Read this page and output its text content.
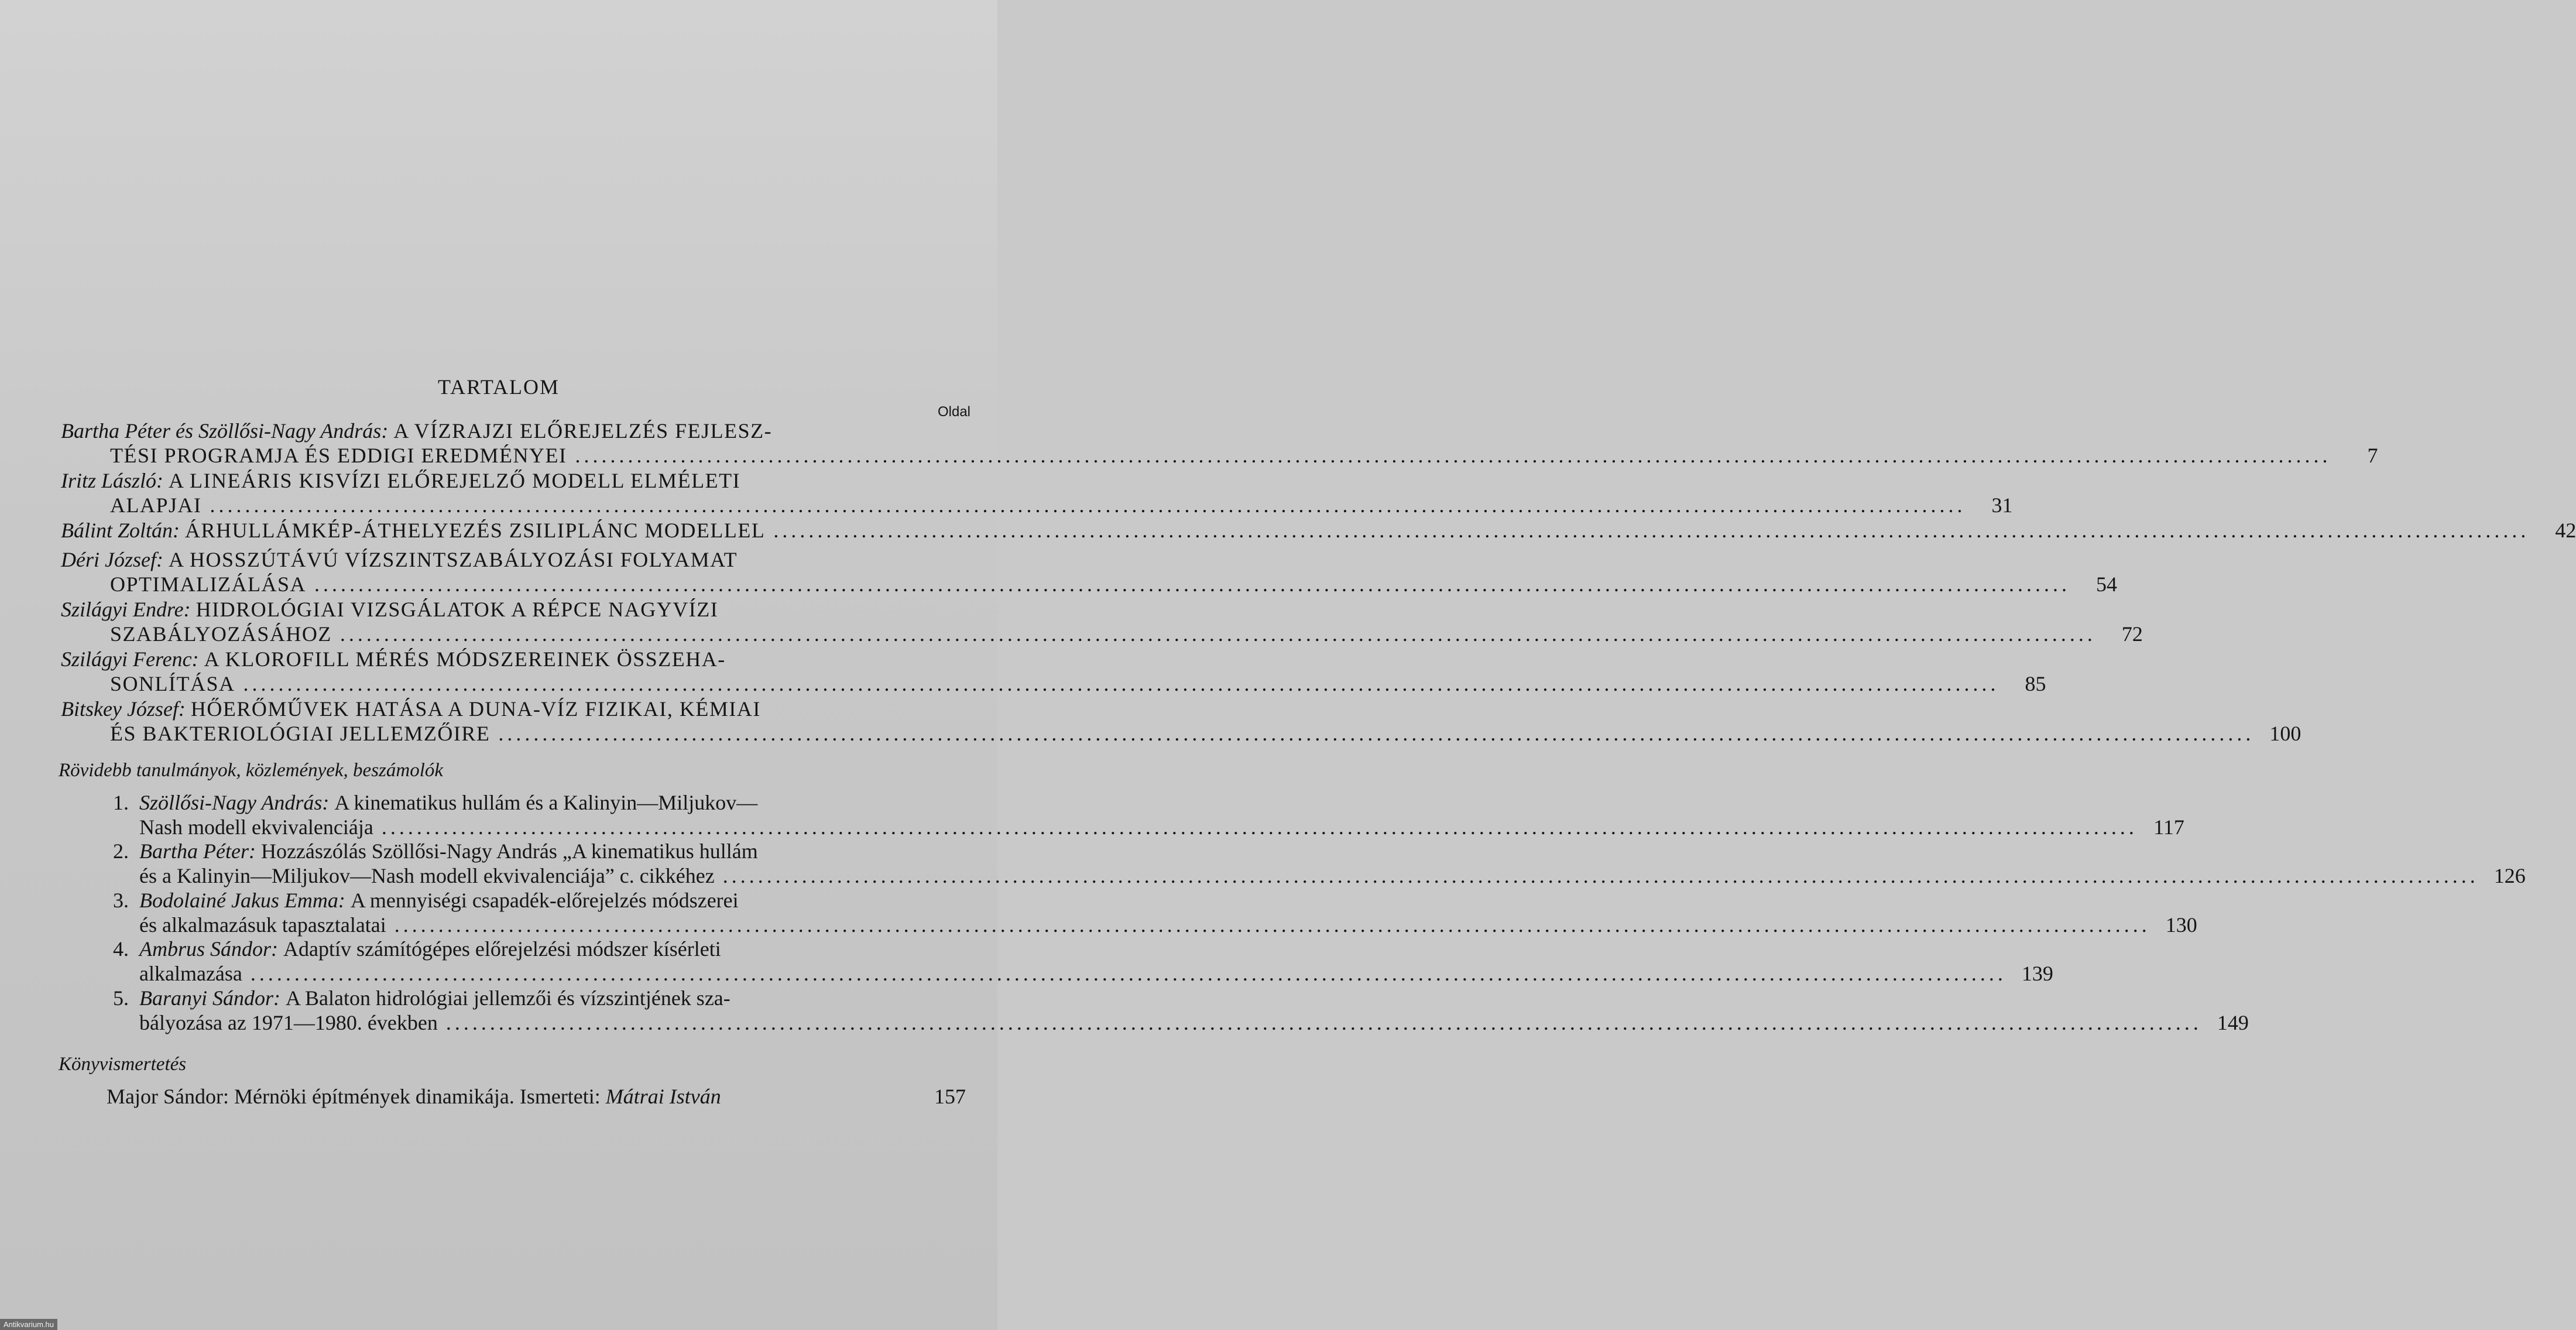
TARTALOM
Oldal
Bartha Péter és Szöllősi-Nagy András:
A VÍZRAJZI ELŐREJELZÉS FEJLESZ-
TÉSI PROGRAMJA ÉS EDDIGI EREDMÉNYEI ........................................................................................................................................................................................................	7
Iritz László:
A LINEÁRIS KISVÍZI ELŐREJELZŐ MODELL ELMÉLETI
ALAPJAI ........................................................................................................................................................................................................	31
Bálint Zoltán:
ÁRHULLÁMKÉP-ÁTHELYEZÉS ZSILIPLÁNC MODELLEL ........................................................................................................................................................................................................	42
Déri József:
A HOSSZÚTÁVÚ VÍZSZINTSZABÁLYOZÁSI FOLYAMAT
OPTIMALIZÁLÁSA ........................................................................................................................................................................................................	54
Szilágyi Endre:
HIDROLÓGIAI VIZSGÁLATOK A RÉPCE NAGYVÍZI
SZABÁLYOZÁSÁHOZ ........................................................................................................................................................................................................	72
Szilágyi Ferenc:
A KLOROFILL MÉRÉS MÓDSZEREINEK ÖSSZEHA-
SONLÍTÁSA ........................................................................................................................................................................................................	85
Bitskey József:
HŐERŐMŰVEK HATÁSA A DUNA-VÍZ FIZIKAI, KÉMIAI
ÉS BAKTERIOLÓGIAI JELLEMZŐIRE ........................................................................................................................................................................................................ 100
Rövidebb tanulmányok, közlemények, beszámolók
1. Szöllősi-Nagy András:
A kinematikus hullám és a Kalinyin—Miljukov—
Nash modell ekvivalenciája ........................................................................................................................................................................................................ 117
2. Bartha Péter:
Hozzászólás Szöllősi-Nagy András „A kinematikus hullám
és a Kalinyin—Miljukov—Nash modell ekvivalenciája” c. cikkéhez ........................................................................................................................................................................................................ 126
3. Bodolainé Jakus Emma:
A mennyiségi csapadék-előrejelzés módszerei
és alkalmazásuk tapasztalatai ........................................................................................................................................................................................................ 130
4. Ambrus Sándor:
Adaptív számítógépes előrejelzési módszer kísérleti
alkalmazása ........................................................................................................................................................................................................ 139
5. Baranyi Sándor:
A Balaton hidrológiai jellemzői és vízszintjének sza-
bályozása az 1971—1980. években ........................................................................................................................................................................................................ 149
Könyvismertetés
Major Sándor: Mérnöki építmények dinamikája. Ismerteti:
Mátrai István	157
Antikvarium.hu
